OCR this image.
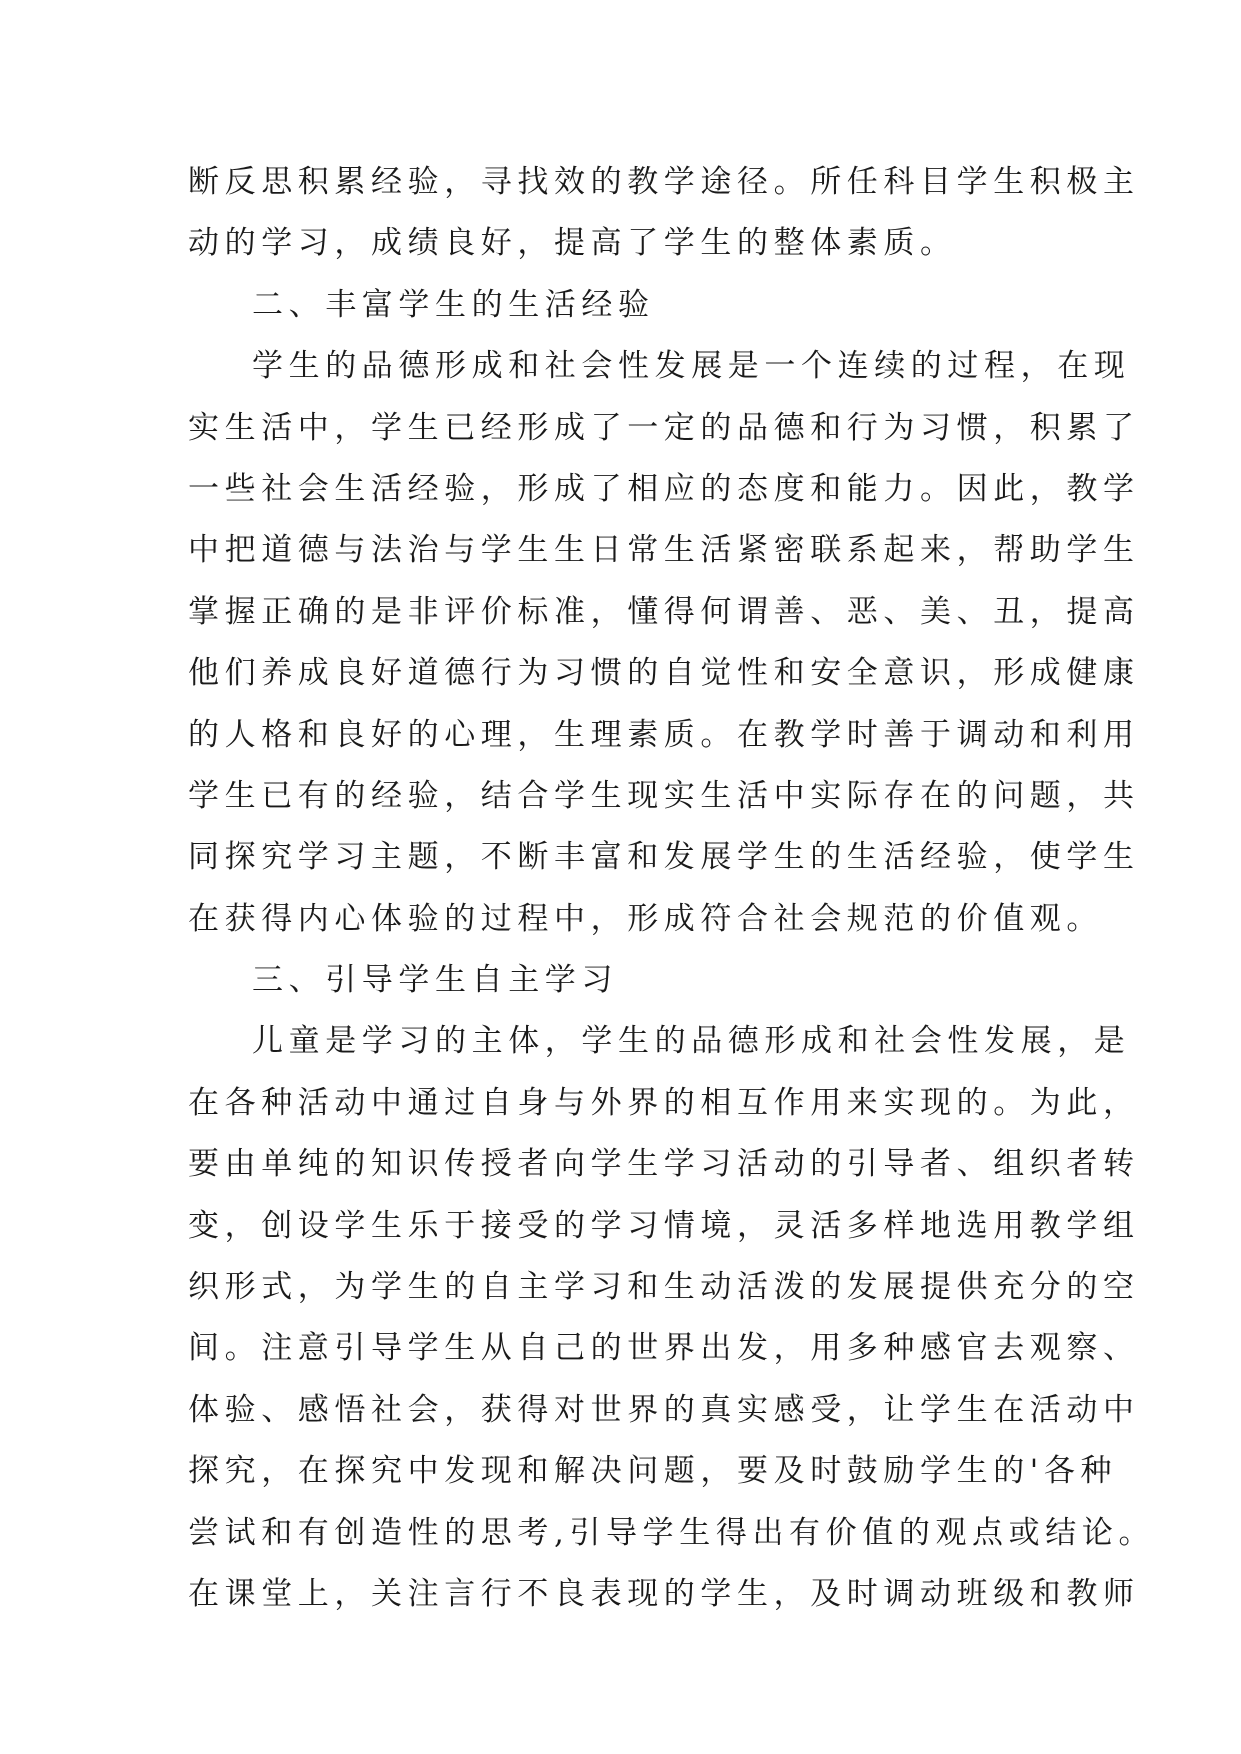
断反思积累经验，寻找效的教学途径。所任科目学生积极主
动的学习，成绩良好，提高了学生的整体素质。
二、丰富学生的生活经验
学生的品德形成和社会性发展是一个连续的过程，在现
实生活中，学生已经形成了一定的品德和行为习惯，积累了
一些社会生活经验，形成了相应的态度和能力。因此，教学
中把道德与法治与学生生日常生活紧密联系起来，帮助学生
掌握正确的是非评价标准，懂得何谓善、恶、美、丑，提高
他们养成良好道德行为习惯的自觉性和安全意识，形成健康
的人格和良好的心理，生理素质。在教学时善于调动和利用
学生已有的经验，结合学生现实生活中实际存在的问题，共
同探究学习主题，不断丰富和发展学生的生活经验，使学生
在获得内心体验的过程中，形成符合社会规范的价值观。
三、引导学生自主学习
儿童是学习的主体，学生的品德形成和社会性发展，是
在各种活动中通过自身与外界的相互作用来实现的。为此，
要由单纯的知识传授者向学生学习活动的引导者、组织者转
变，创设学生乐于接受的学习情境，灵活多样地选用教学组
织形式，为学生的自主学习和生动活泼的发展提供充分的空
间。注意引导学生从自己的世界出发，用多种感官去观察、
体验、感悟社会，获得对世界的真实感受，让学生在活动中
探究，在探究中发现和解决问题，要及时鼓励学生的'各种
尝试和有创造性的思考,引导学生得出有价值的观点或结论。
在课堂上，关注言行不良表现的学生，及时调动班级和教师
